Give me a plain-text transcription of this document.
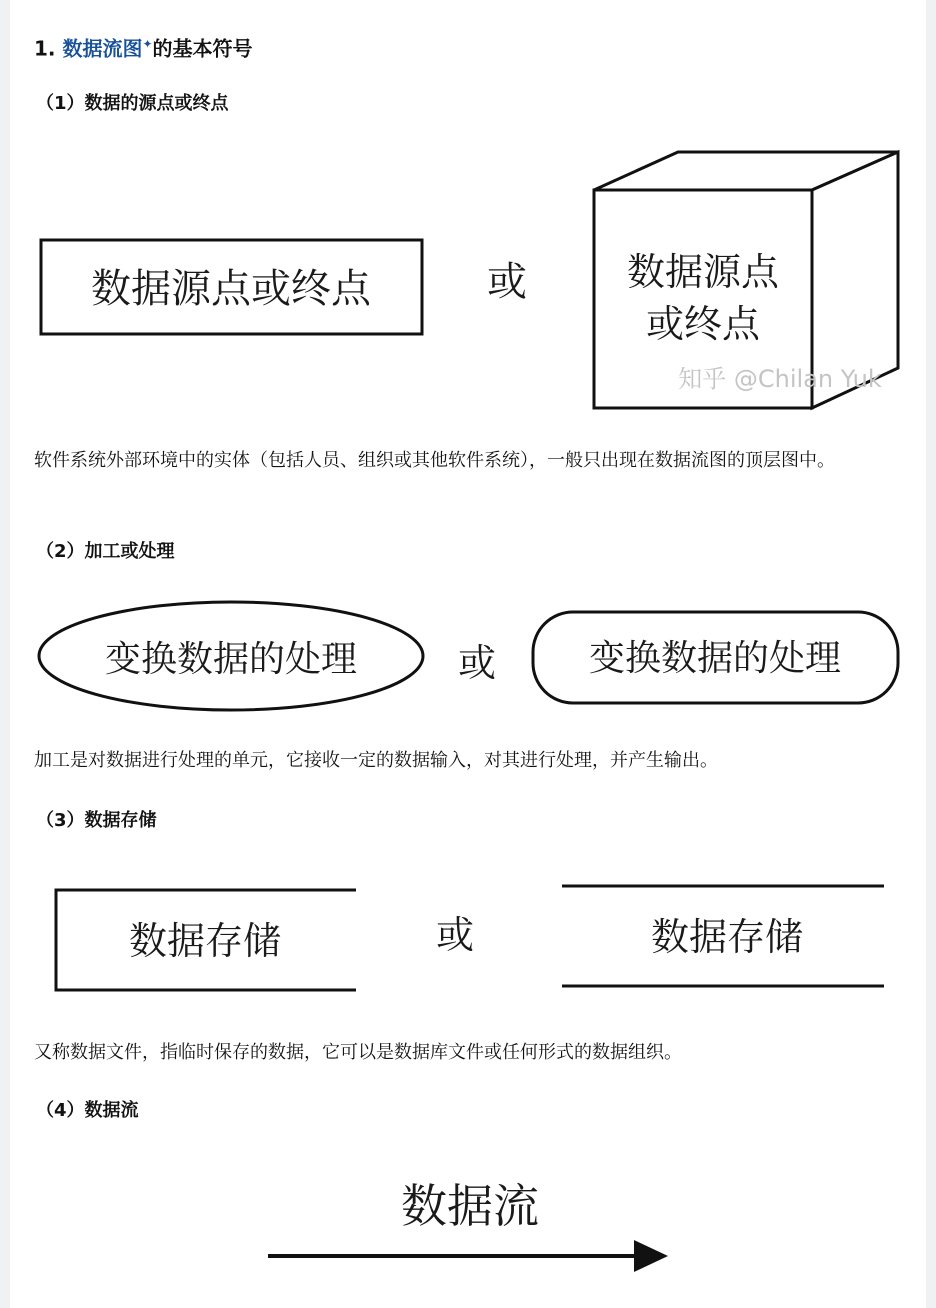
1. 数据流图✦的基本符号
（1）数据的源点或终点
数据源点或终点	或	数据源点
或终点
知乎 @Chilan Yuk
软件系统外部环境中的实体（包括人员、组织或其他软件系统），一般只出现在数据流图的顶层图中。
（2）加工或处理
变换数据的处理	或	变换数据的处理
加工是对数据进行处理的单元，它接收一定的数据输入，对其进行处理，并产生输出。
（3）数据存储
数据存储	或	数据存储
又称数据文件，指临时保存的数据，它可以是数据库文件或任何形式的数据组织。
（4）数据流
数据流
